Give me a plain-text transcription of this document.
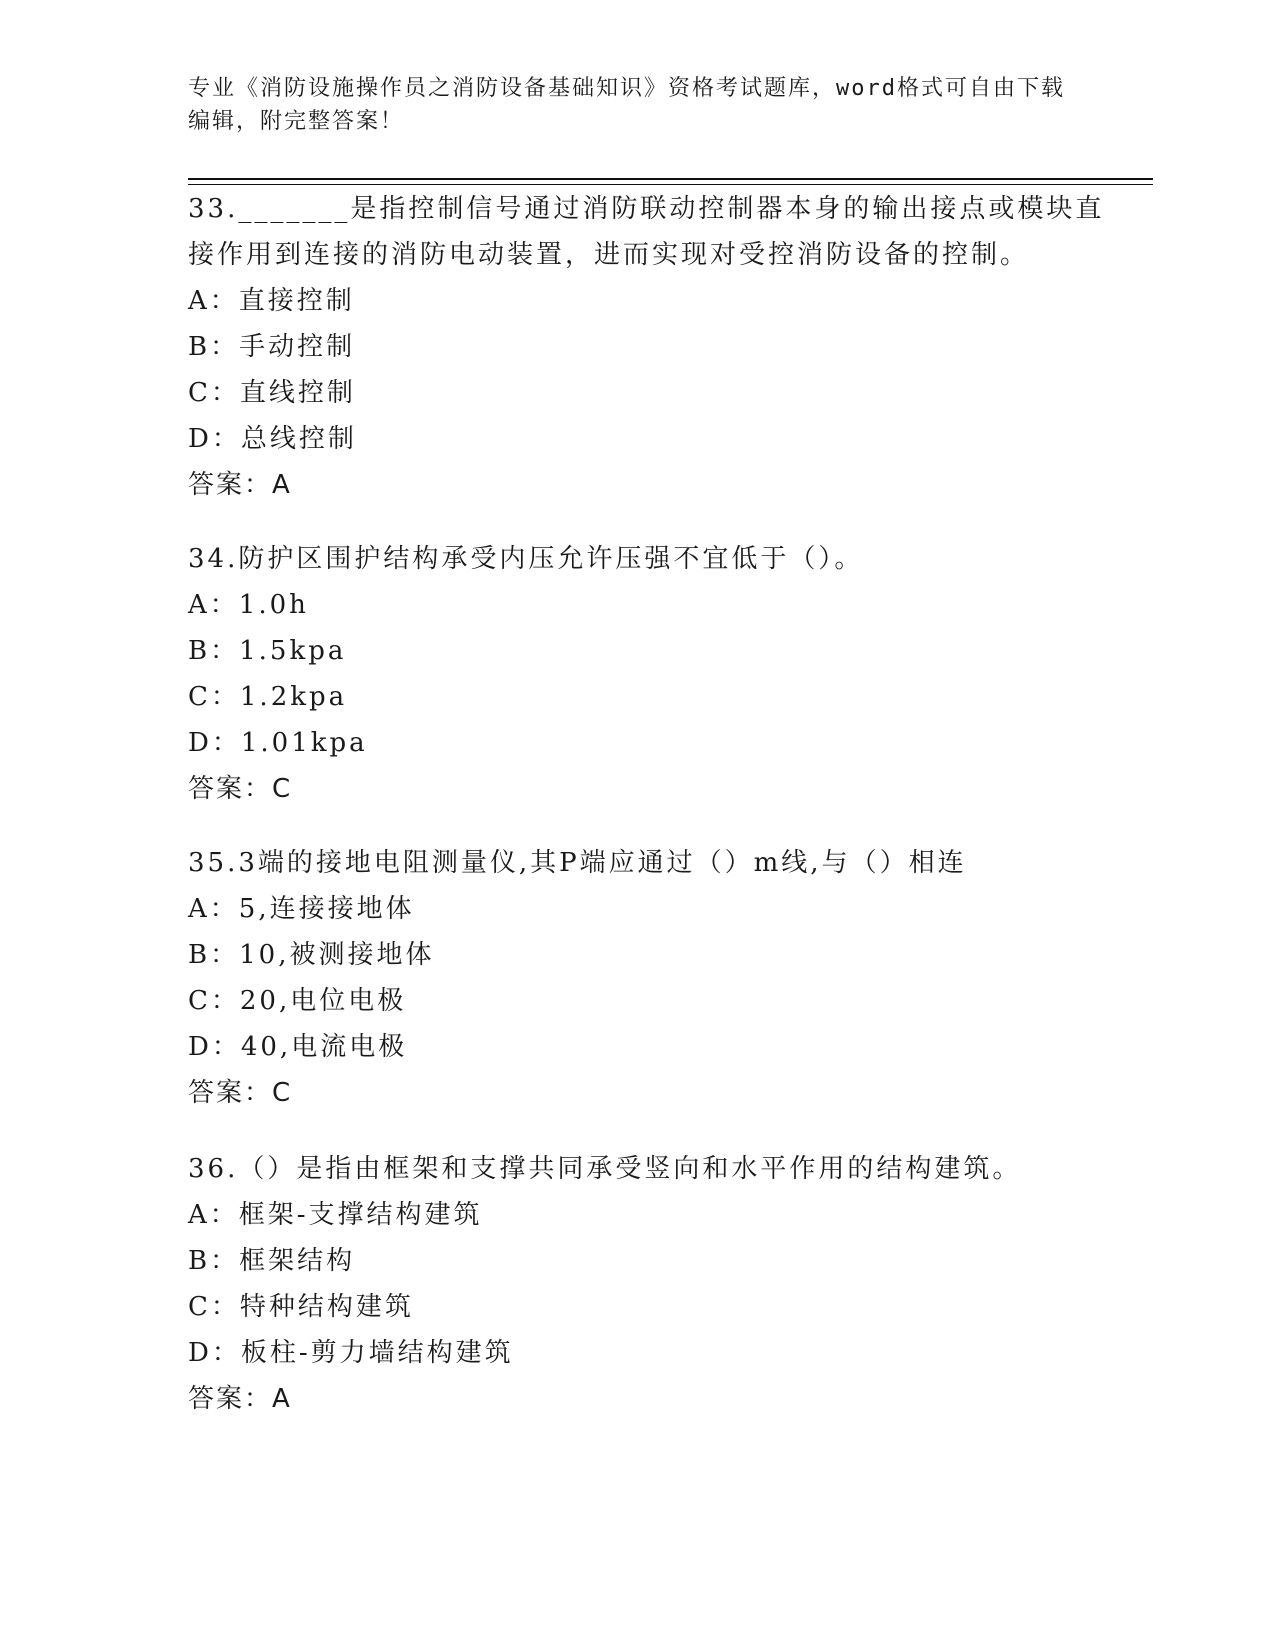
专业《消防设施操作员之消防设备基础知识》资格考试题库，word格式可自由下载编辑，附完整答案！

33._______是指控制信号通过消防联动控制器本身的输出接点或模块直接作用到连接的消防电动装置，进而实现对受控消防设备的控制。

A：直接控制
B：手动控制
C：直线控制
D：总线控制
答案：A

34.防护区围护结构承受内压允许压强不宜低于（）。

A：1.0h
B：1.5kpa
C：1.2kpa
D：1.01kpa
答案：C

35.3端的接地电阻测量仪,其P端应通过（）m线,与（）相连

A：5,连接接地体
B：10,被测接地体
C：20,电位电极
D：40,电流电极
答案：C

36.（）是指由框架和支撑共同承受竖向和水平作用的结构建筑。

A：框架-支撑结构建筑
B：框架结构
C：特种结构建筑
D：板柱-剪力墙结构建筑
答案：A
